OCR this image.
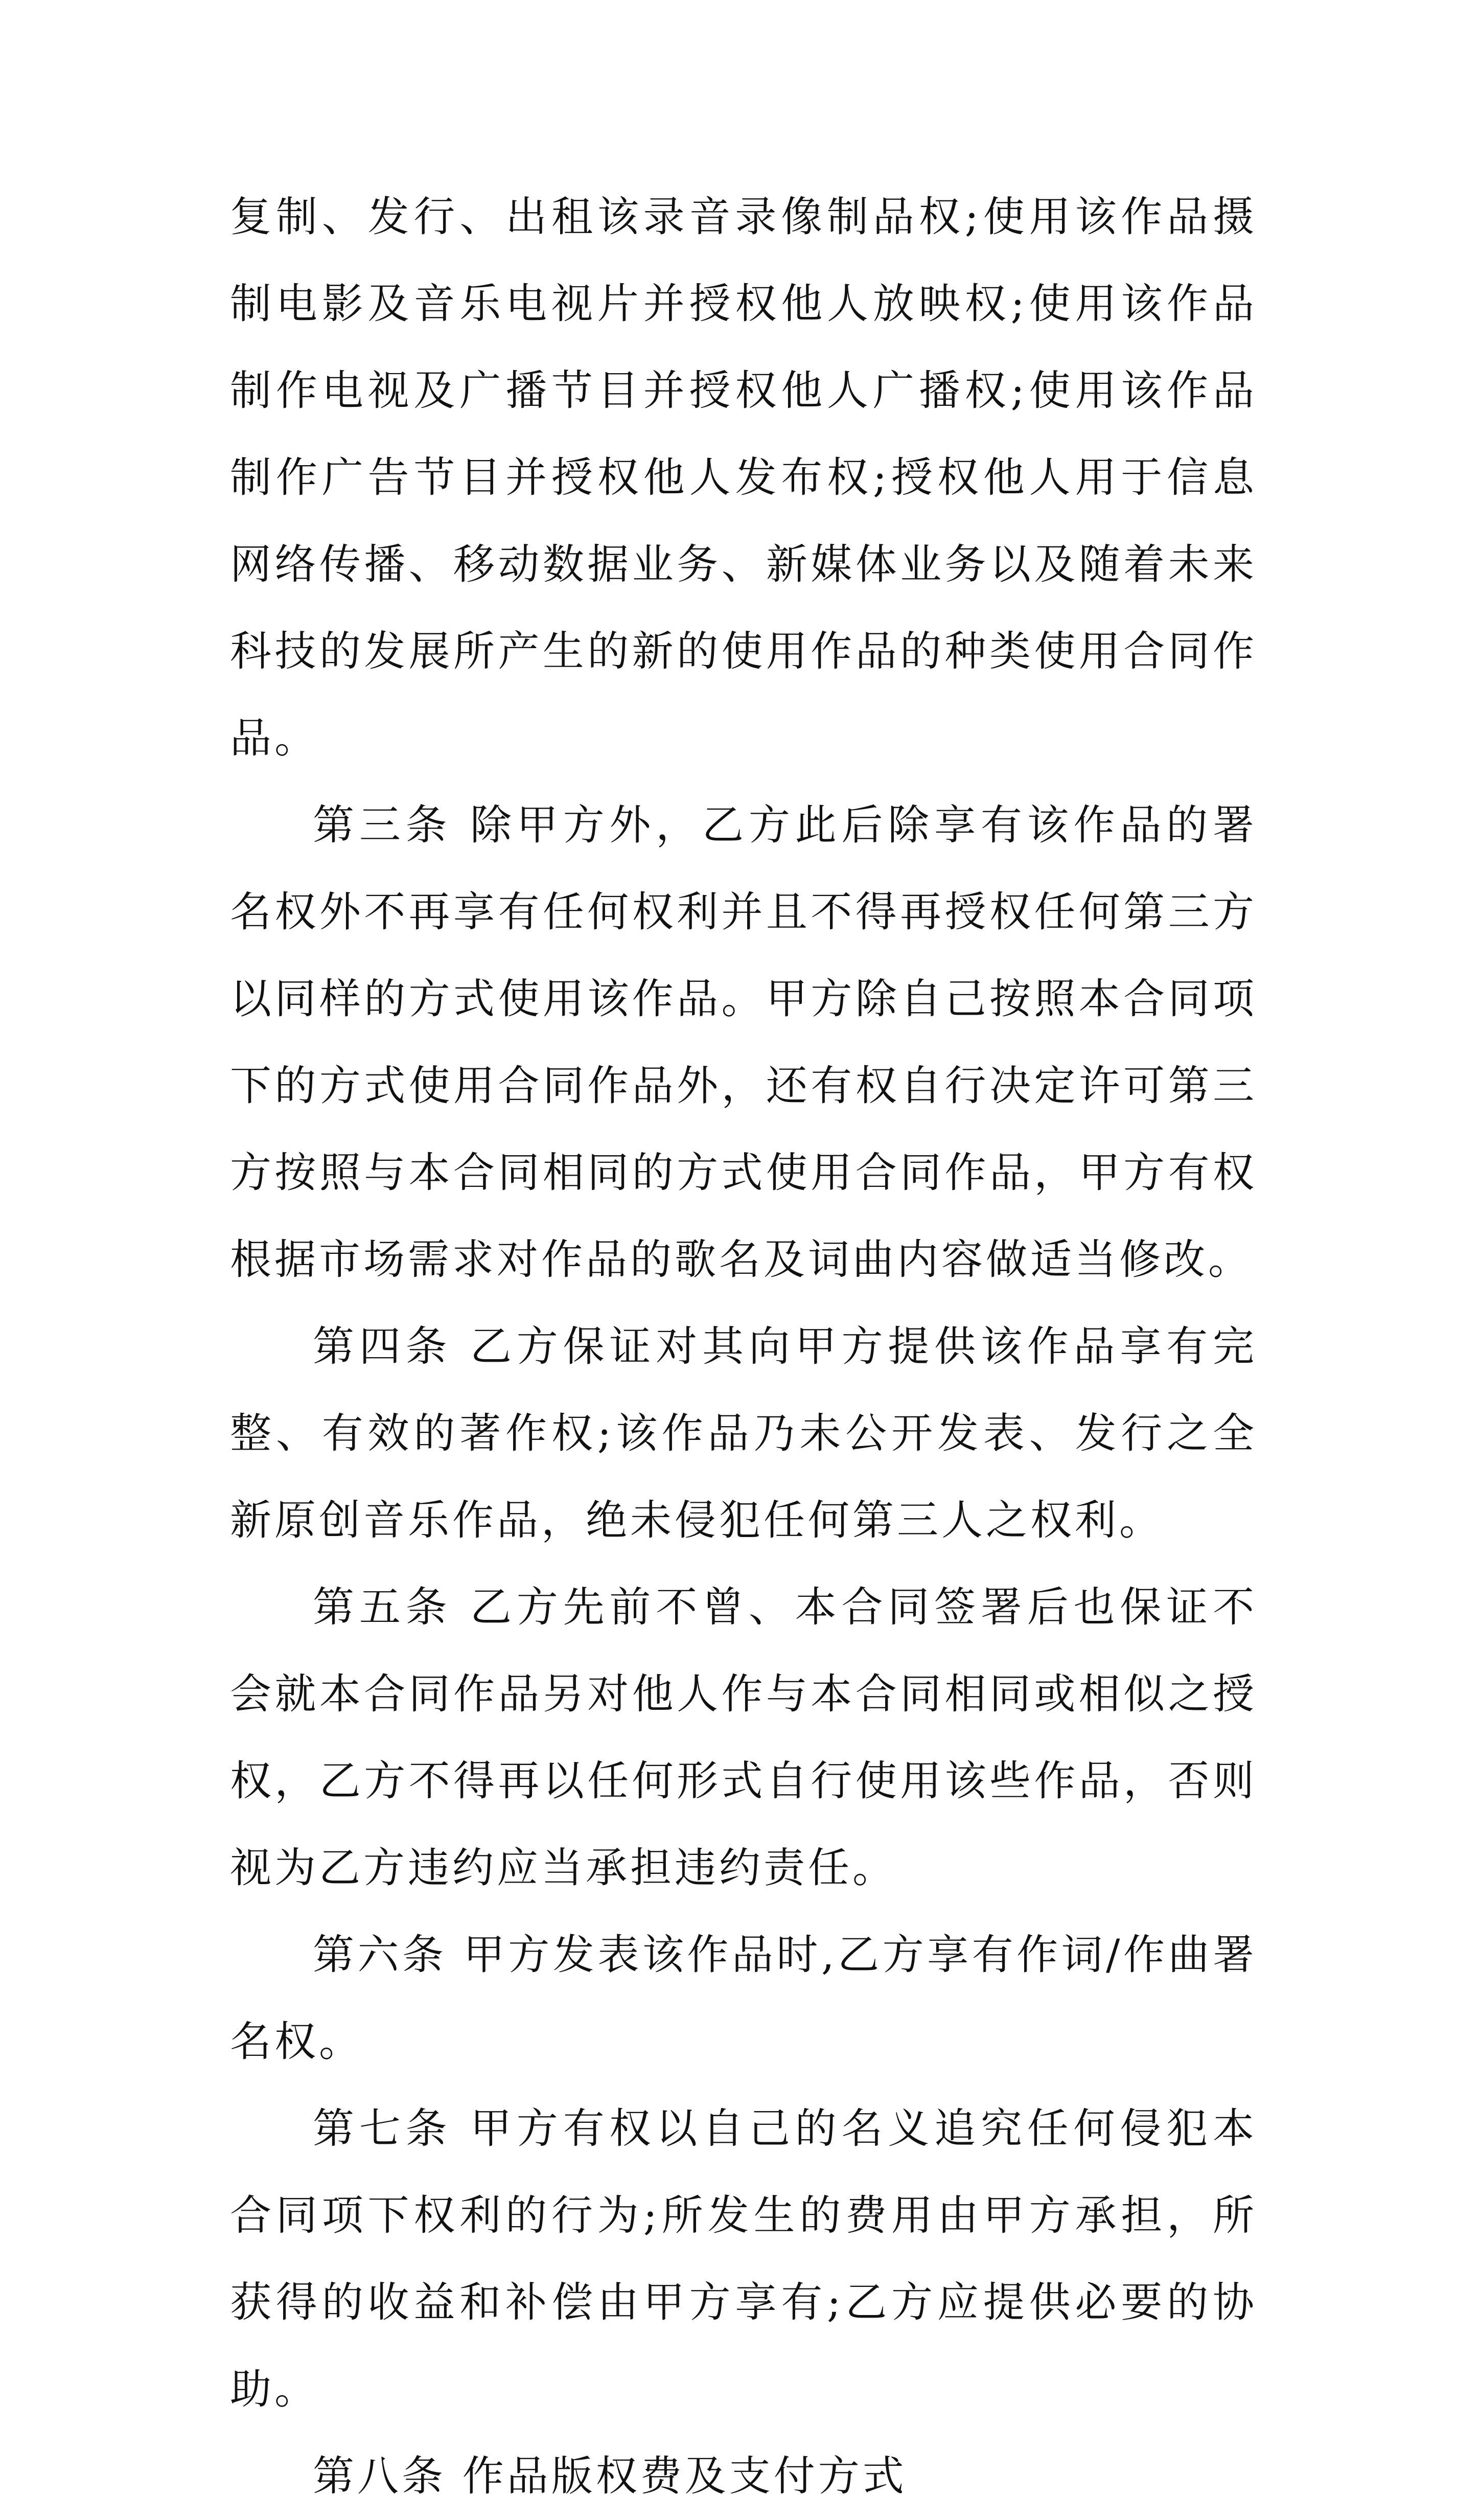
复制、发行、出租该录音录像制品权;使用该作品摄制电影及音乐电视片并授权他人放映权;使用该作品制作电视及广播节目并授权他人广播权;使用该作品制作广告节目并授权他人发布权;授权他人用于信息网络传播、移动数据业务、新媒体业务以及随着未来科技的发展所产生的新的使用作品的种类使用合同作品。

第三条 除甲方外，乙方此后除享有该作品的署名权外不再享有任何权利并且不得再授权任何第三方以同样的方式使用该作品。甲方除自己按照本合同项下的方式使用合同作品外，还有权自行决定许可第三方按照与本合同相同的方式使用合同作品，甲方有权根据市场需求对作品的歌名及词曲内容做适当修改。

第四条 乙方保证对其向甲方提供该作品享有完整、有效的著作权;该作品乃未公开发表、发行之全新原创音乐作品，绝未侵犯任何第三人之权利。

第五条 乙方先前不曾、本合同签署后也保证不会就本合同作品另对他人作与本合同相同或相似之授权，乙方不得再以任何形式自行使用该些作品，否则视为乙方违约应当承担违约责任。

第六条 甲方发表该作品时,乙方享有作词/作曲署名权。

第七条 甲方有权以自己的名义追究任何侵犯本合同项下权利的行为;所发生的费用由甲方承担，所获得的收益和补偿由甲方享有;乙方应提供必要的协助。

第八条 作品版权费及支付方式
